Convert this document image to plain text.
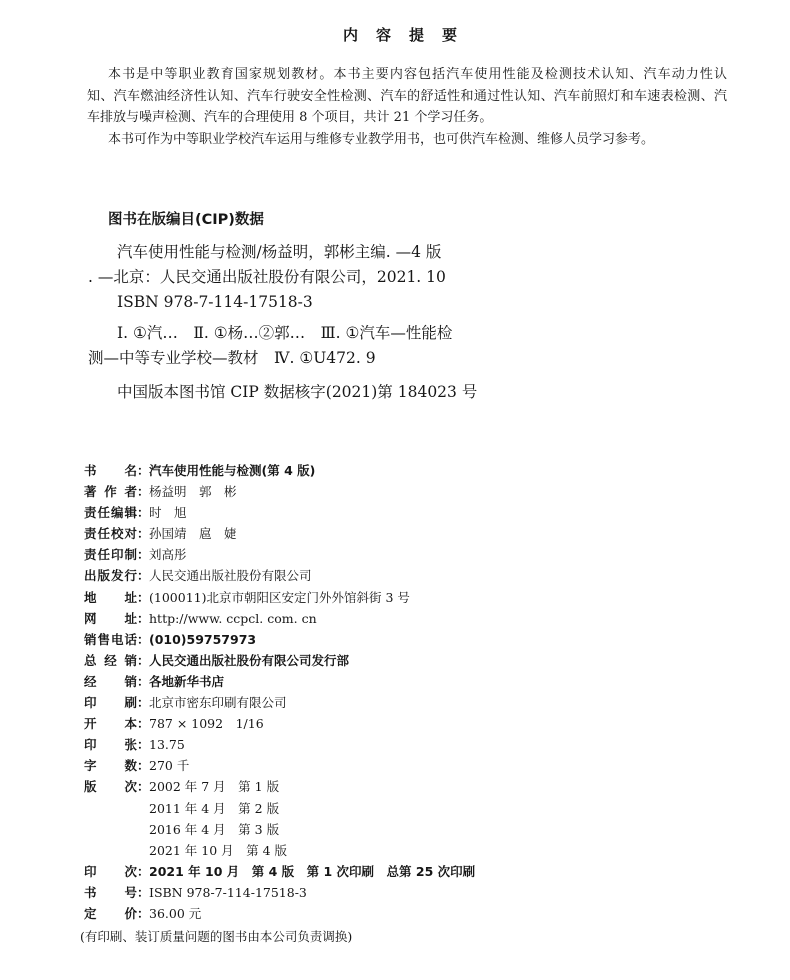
内容提要
本书是中等职业教育国家规划教材。本书主要内容包括汽车使用性能及检测技术认知、汽车动力性认
知、汽车燃油经济性认知、汽车行驶安全性检测、汽车的舒适性和通过性认知、汽车前照灯和车速表检测、汽
车排放与噪声检测、汽车的合理使用 8 个项目，共计 21 个学习任务。
本书可作为中等职业学校汽车运用与维修专业教学用书，也可供汽车检测、维修人员学习参考。
图书在版编目(CIP)数据
汽车使用性能与检测/杨益明，郭彬主编. —4 版
. —北京：人民交通出版社股份有限公司，2021. 10
ISBN 978-7-114-17518-3
Ⅰ. ①汽…　Ⅱ. ①杨…②郭…　Ⅲ. ①汽车—性能检
测—中等专业学校—教材　Ⅳ. ①U472. 9
中国版本图书馆 CIP 数据核字(2021)第 184023 号
书名 ： 汽车使用性能与检测(第 4 版)
著作者 ： 杨益明　郭　彬
责任编辑 ： 时　旭
责任校对 ： 孙国靖　扈　婕
责任印制 ： 刘高彤
出版发行 ： 人民交通出版社股份有限公司
地址 ： (100011)北京市朝阳区安定门外外馆斜街 3 号
网址 ： http://www. ccpcl. com. cn
销售电话 ： (010)59757973
总经销 ： 人民交通出版社股份有限公司发行部
经销 ： 各地新华书店
印刷 ： 北京市密东印刷有限公司
开本 ： 787 × 1092　1/16
印张 ： 13.75
字数 ： 270 千
版次 ： 2002 年 7 月　第 1 版
2011 年 4 月　第 2 版
2016 年 4 月　第 3 版
2021 年 10 月　第 4 版
印次 ： 2021 年 10 月　第 4 版　第 1 次印刷　总第 25 次印刷
书号 ： ISBN 978-7-114-17518-3
定价 ： 36.00 元
(有印刷、装订质量问题的图书由本公司负责调换)
